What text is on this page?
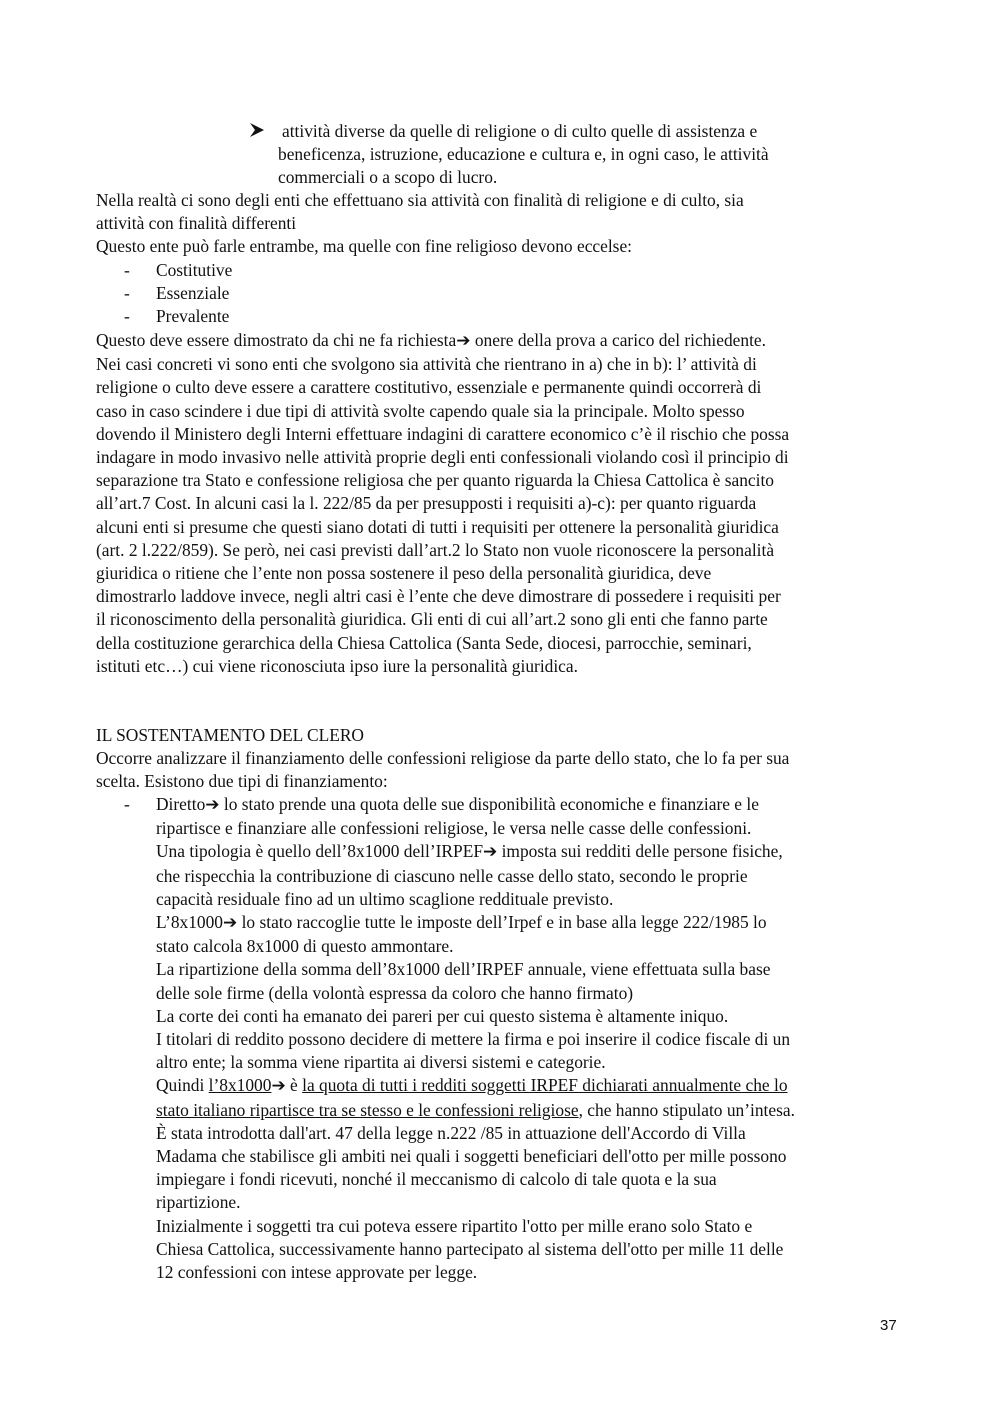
attività diverse da quelle di religione o di culto quelle di assistenza e
beneficenza, istruzione, educazione e cultura e, in ogni caso, le attività
commerciali o a scopo di lucro.
Nella realtà ci sono degli enti che effettuano sia attività con finalità di religione e di culto, sia
attività con finalità differenti
Questo ente può farle entrambe, ma quelle con fine religioso devono eccelse:
- Costitutive
- Essenziale
- Prevalente
Questo deve essere dimostrato da chi ne fa richiesta➔ onere della prova a carico del richiedente.
Nei casi concreti vi sono enti che svolgono sia attività che rientrano in a) che in b): l’ attività di
religione o culto deve essere a carattere costitutivo, essenziale e permanente quindi occorrerà di
caso in caso scindere i due tipi di attività svolte capendo quale sia la principale. Molto spesso
dovendo il Ministero degli Interni effettuare indagini di carattere economico c’è il rischio che possa
indagare in modo invasivo nelle attività proprie degli enti confessionali violando così il principio di
separazione tra Stato e confessione religiosa che per quanto riguarda la Chiesa Cattolica è sancito
all’art.7 Cost. In alcuni casi la l. 222/85 da per presupposti i requisiti a)-c): per quanto riguarda
alcuni enti si presume che questi siano dotati di tutti i requisiti per ottenere la personalità giuridica
(art. 2 l.222/859). Se però, nei casi previsti dall’art.2 lo Stato non vuole riconoscere la personalità
giuridica o ritiene che l’ente non possa sostenere il peso della personalità giuridica, deve
dimostrarlo laddove invece, negli altri casi è l’ente che deve dimostrare di possedere i requisiti per
il riconoscimento della personalità giuridica. Gli enti di cui all’art.2 sono gli enti che fanno parte
della costituzione gerarchica della Chiesa Cattolica (Santa Sede, diocesi, parrocchie, seminari,
istituti etc…) cui viene riconosciuta ipso iure la personalità giuridica.
IL SOSTENTAMENTO DEL CLERO
Occorre analizzare il finanziamento delle confessioni religiose da parte dello stato, che lo fa per sua
scelta. Esistono due tipi di finanziamento:
- Diretto➔ lo stato prende una quota delle sue disponibilità economiche e finanziare e le
ripartisce e finanziare alle confessioni religiose, le versa nelle casse delle confessioni.
Una tipologia è quello dell’8x1000 dell’IRPEF➔ imposta sui redditi delle persone fisiche,
che rispecchia la contribuzione di ciascuno nelle casse dello stato, secondo le proprie
capacità residuale fino ad un ultimo scaglione reddituale previsto.
L’8x1000➔ lo stato raccoglie tutte le imposte dell’Irpef e in base alla legge 222/1985 lo
stato calcola 8x1000 di questo ammontare.
La ripartizione della somma dell’8x1000 dell’IRPEF annuale, viene effettuata sulla base
delle sole firme (della volontà espressa da coloro che hanno firmato)
La corte dei conti ha emanato dei pareri per cui questo sistema è altamente iniquo.
I titolari di reddito possono decidere di mettere la firma e poi inserire il codice fiscale di un
altro ente; la somma viene ripartita ai diversi sistemi e categorie.
Quindi l’8x1000➔ è la quota di tutti i redditi soggetti IRPEF dichiarati annualmente che lo
stato italiano ripartisce tra se stesso e le confessioni religiose, che hanno stipulato un’intesa.
È stata introdotta dall'art. 47 della legge n.222 /85 in attuazione dell'Accordo di Villa
Madama che stabilisce gli ambiti nei quali i soggetti beneficiari dell'otto per mille possono
impiegare i fondi ricevuti, nonché il meccanismo di calcolo di tale quota e la sua
ripartizione.
Inizialmente i soggetti tra cui poteva essere ripartito l'otto per mille erano solo Stato e
Chiesa Cattolica, successivamente hanno partecipato al sistema dell'otto per mille 11 delle
12 confessioni con intese approvate per legge.
37
